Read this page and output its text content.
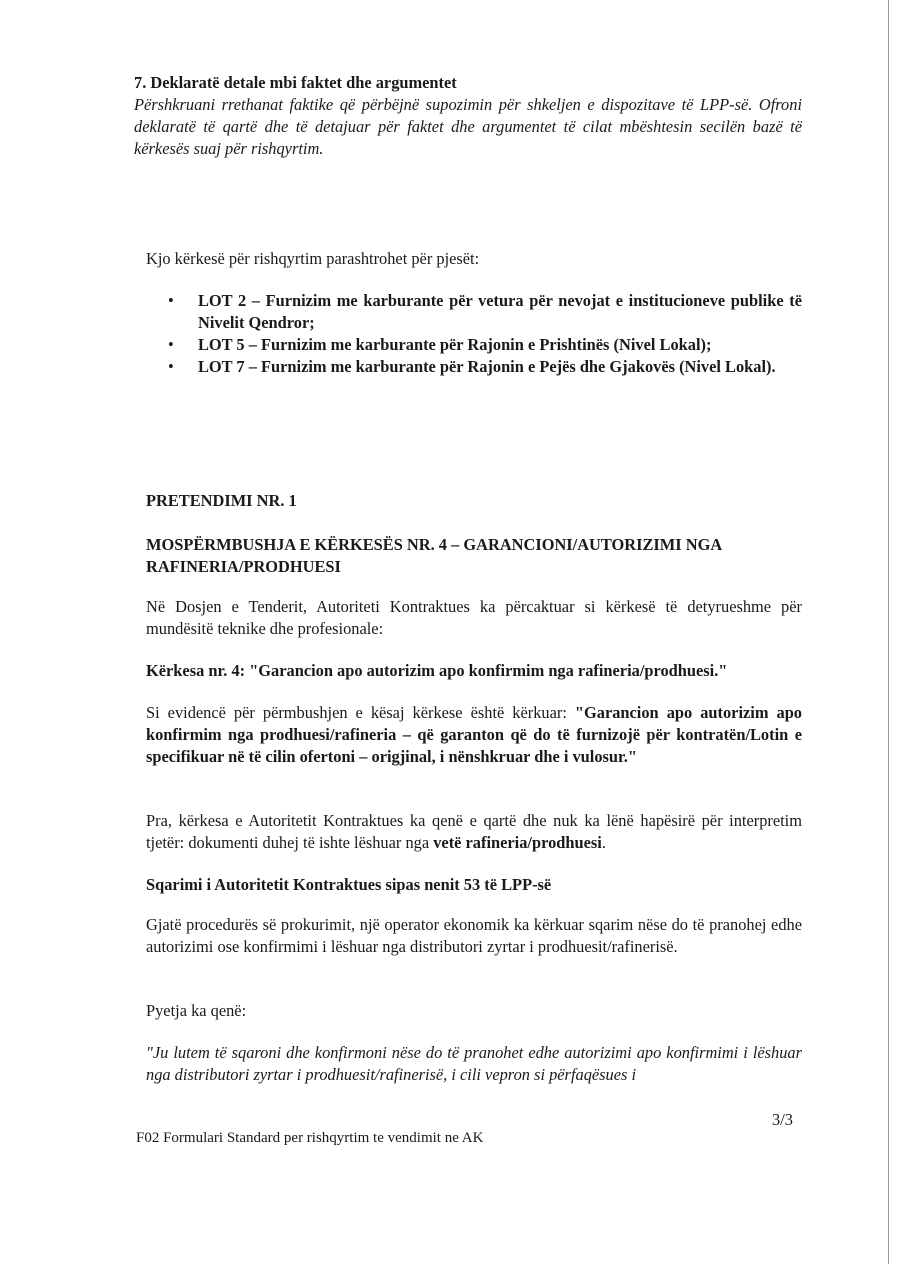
7. Deklaratë detale mbi faktet dhe argumentet
Përshkruani rrethanat faktike që përbëjnë supozimin për shkeljen e dispozitave të LPP-së. Ofroni deklaratë të qartë dhe të detajuar për faktet dhe argumentet të cilat mbështesin secilën bazë të kërkesës suaj për rishqyrtim.
Kjo kërkesë për rishqyrtim parashtrohet për pjesët:
• LOT 2 – Furnizim me karburante për vetura për nevojat e institucioneve publike të Nivelit Qendror;
• LOT 5 – Furnizim me karburante për Rajonin e Prishtinës (Nivel Lokal);
• LOT 7 – Furnizim me karburante për Rajonin e Pejës dhe Gjakovës (Nivel Lokal).
PRETENDIMI NR. 1
MOSPËRMBUSHJA E KËRKESËS NR. 4 – GARANCIONI/AUTORIZIMI NGA RAFINERIA/PRODHUESI
Në Dosjen e Tenderit, Autoriteti Kontraktues ka përcaktuar si kërkesë të detyrueshme për mundësitë teknike dhe profesionale:
Kërkesa nr. 4: "Garancion apo autorizim apo konfirmim nga rafineria/prodhuesi."
Si evidencë për përmbushjen e kësaj kërkese është kërkuar: "Garancion apo autorizim apo konfirmim nga prodhuesi/rafineria – që garanton që do të furnizojë për kontratën/Lotin e specifikuar në të cilin ofertoni – origjinal, i nënshkruar dhe i vulosur."
Pra, kërkesa e Autoritetit Kontraktues ka qenë e qartë dhe nuk ka lënë hapësirë për interpretim tjetër: dokumenti duhej të ishte lëshuar nga vetë rafineria/prodhuesi.
Sqarimi i Autoritetit Kontraktues sipas nenit 53 të LPP-së
Gjatë procedurës së prokurimit, një operator ekonomik ka kërkuar sqarim nëse do të pranohej edhe autorizimi ose konfirmimi i lëshuar nga distributori zyrtar i prodhuesit/rafinerisë.
Pyetja ka qenë:
"Ju lutem të sqaroni dhe konfirmoni nëse do të pranohet edhe autorizimi apo konfirmimi i lëshuar nga distributori zyrtar i prodhuesit/rafinerisë, i cili vepron si përfaqësues i
3/3
F02 Formulari Standard per rishqyrtim te vendimit ne AK
